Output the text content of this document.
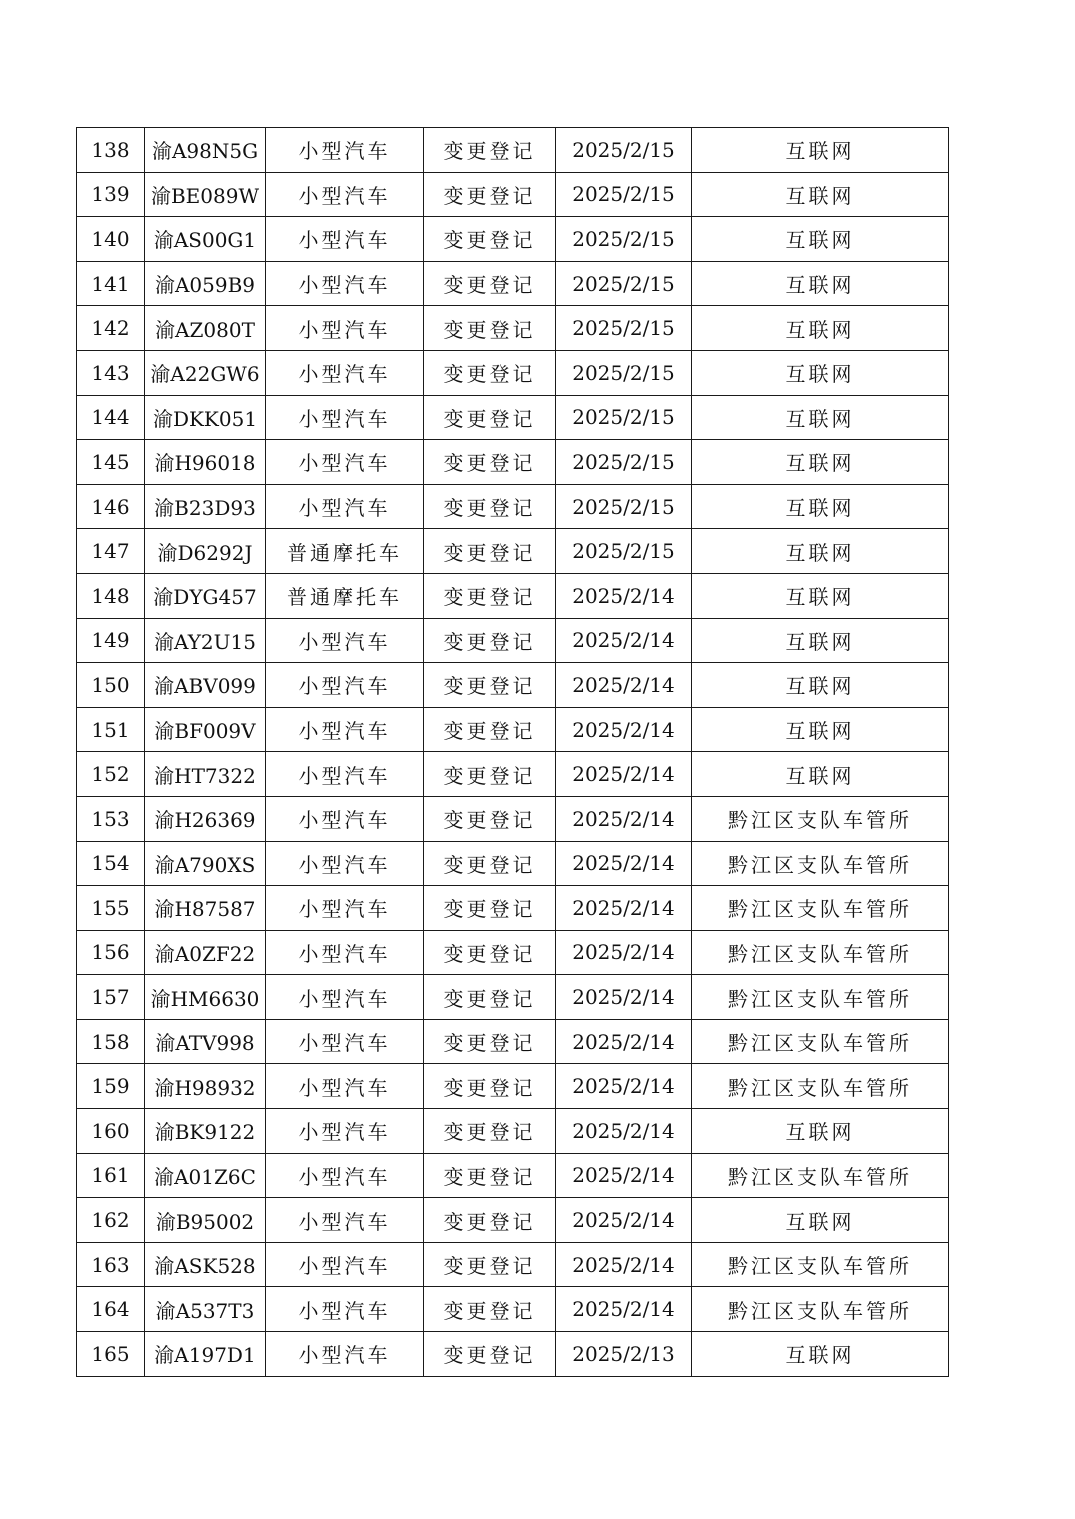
138	渝A98N5G	小型汽车	变更登记	2025/2/15	互联网
139	渝BE089W	小型汽车	变更登记	2025/2/15	互联网
140	渝AS00G1	小型汽车	变更登记	2025/2/15	互联网
141	渝A059B9	小型汽车	变更登记	2025/2/15	互联网
142	渝AZ080T	小型汽车	变更登记	2025/2/15	互联网
143	渝A22GW6	小型汽车	变更登记	2025/2/15	互联网
144	渝DKK051	小型汽车	变更登记	2025/2/15	互联网
145	渝H96018	小型汽车	变更登记	2025/2/15	互联网
146	渝B23D93	小型汽车	变更登记	2025/2/15	互联网
147	渝D6292J	普通摩托车	变更登记	2025/2/15	互联网
148	渝DYG457	普通摩托车	变更登记	2025/2/14	互联网
149	渝AY2U15	小型汽车	变更登记	2025/2/14	互联网
150	渝ABV099	小型汽车	变更登记	2025/2/14	互联网
151	渝BF009V	小型汽车	变更登记	2025/2/14	互联网
152	渝HT7322	小型汽车	变更登记	2025/2/14	互联网
153	渝H26369	小型汽车	变更登记	2025/2/14	黔江区支队车管所
154	渝A790XS	小型汽车	变更登记	2025/2/14	黔江区支队车管所
155	渝H87587	小型汽车	变更登记	2025/2/14	黔江区支队车管所
156	渝A0ZF22	小型汽车	变更登记	2025/2/14	黔江区支队车管所
157	渝HM6630	小型汽车	变更登记	2025/2/14	黔江区支队车管所
158	渝ATV998	小型汽车	变更登记	2025/2/14	黔江区支队车管所
159	渝H98932	小型汽车	变更登记	2025/2/14	黔江区支队车管所
160	渝BK9122	小型汽车	变更登记	2025/2/14	互联网
161	渝A01Z6C	小型汽车	变更登记	2025/2/14	黔江区支队车管所
162	渝B95002	小型汽车	变更登记	2025/2/14	互联网
163	渝ASK528	小型汽车	变更登记	2025/2/14	黔江区支队车管所
164	渝A537T3	小型汽车	变更登记	2025/2/14	黔江区支队车管所
165	渝A197D1	小型汽车	变更登记	2025/2/13	互联网
